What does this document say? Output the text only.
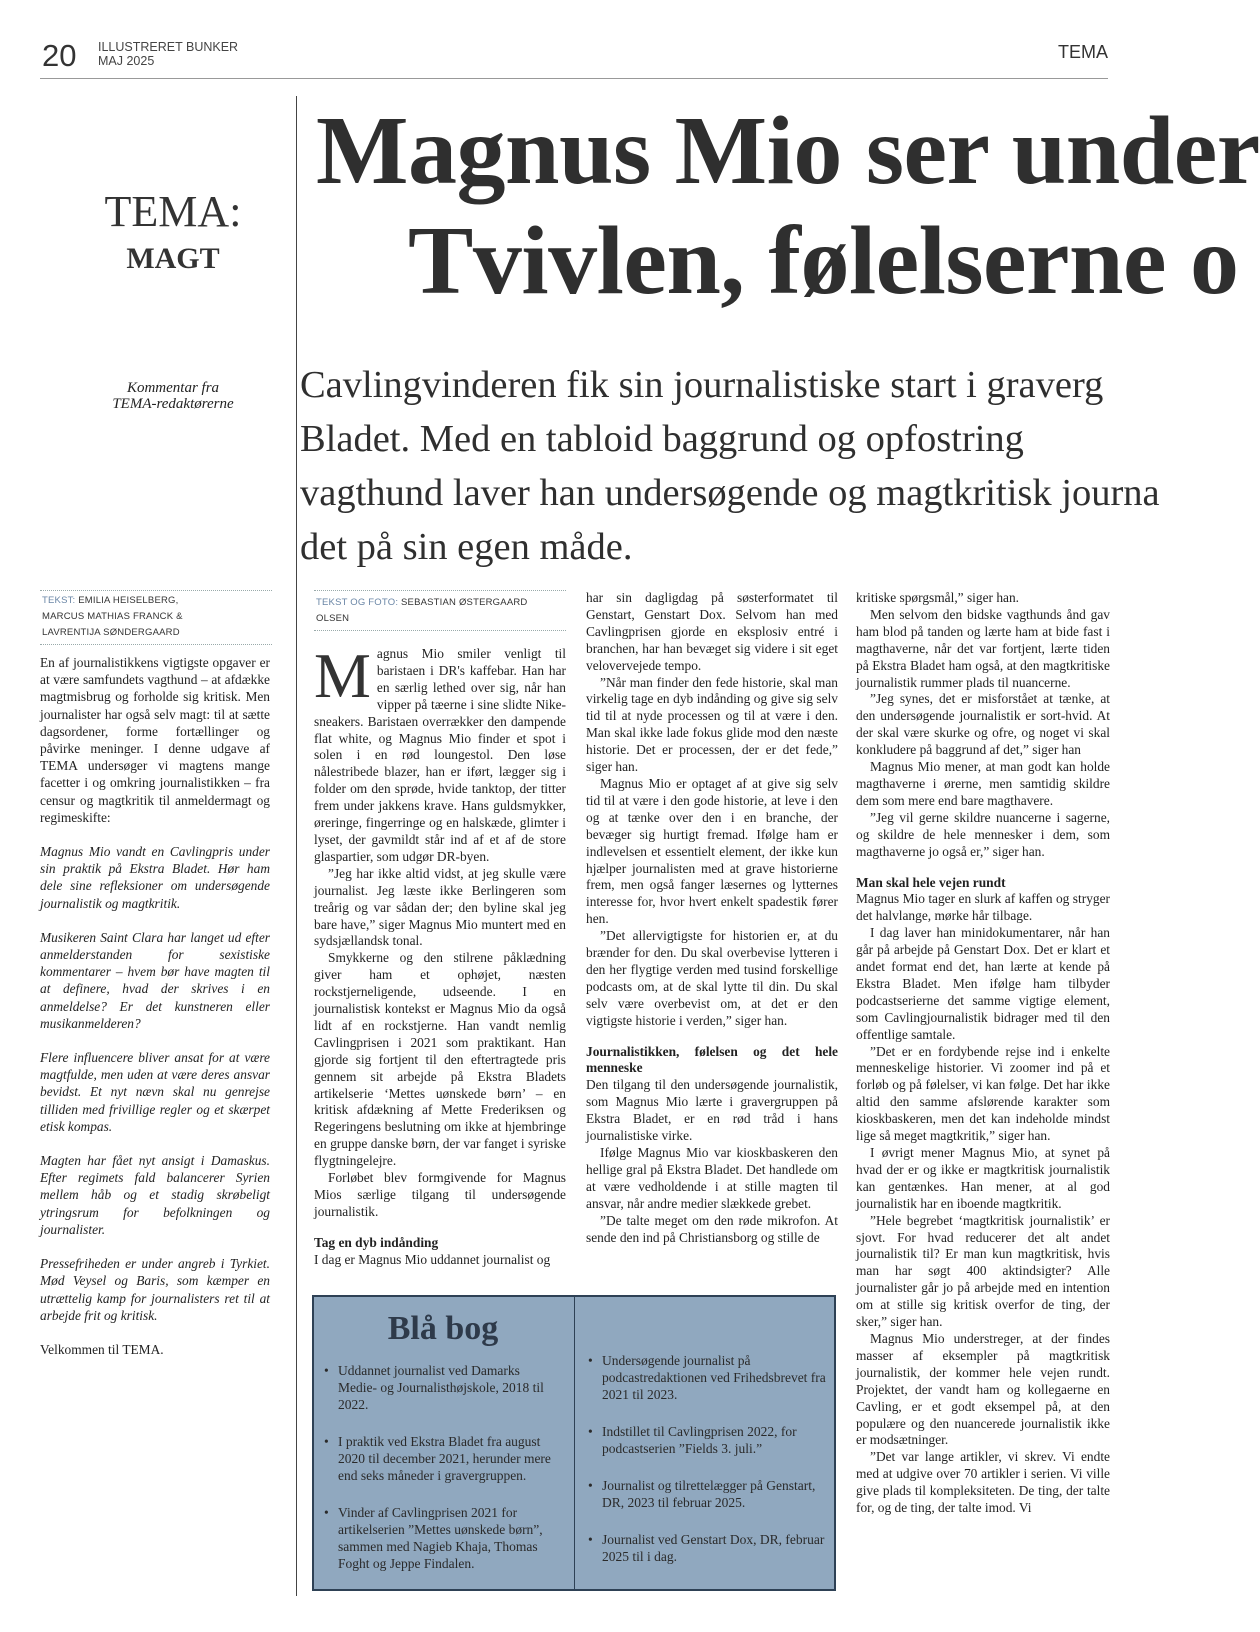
20 ILLUSTRERET BUNKER
MAJ 2025	TEMA
TEMA:
MAGT
Kommentar fra
TEMA-redaktørerne
TEKST: EMILIA HEISELBERG,
MARCUS MATHIAS FRANCK &
LAVRENTIJA SØNDERGAARD

En af journalistikkens vigtigste opgaver er at være samfundets vagthund – at afdække magtmisbrug og forholde sig kritisk. Men journalister har også selv magt: til at sætte dagsordener, forme fortællinger og påvirke meninger. I denne udgave af TEMA undersøger vi magtens mange facetter i og omkring journalistikken – fra censur og magtkritik til anmeldermagt og regimeskifte:

Magnus Mio vandt en Cavlingpris under sin praktik på Ekstra Bladet. Hør ham dele sine refleksioner om undersøgende journalistik og magtkritik.

Musikeren Saint Clara har langet ud efter anmelderstanden for sexistiske kommentarer – hvem bør have magten til at definere, hvad der skrives i en anmeldelse? Er det kunstneren eller musikanmelderen?

Flere influencere bliver ansat for at være magtfulde, men uden at være deres ansvar bevidst. Et nyt nævn skal nu genrejse tilliden med frivillige regler og et skærpet etisk kompas.

Magten har fået nyt ansigt i Damaskus. Efter regimets fald balancerer Syrien mellem håb og et stadig skrøbeligt ytringsrum for befolkningen og journalister.

Pressefriheden er under angreb i Tyrkiet. Mød Veysel og Baris, som kæmper en utrættelig kamp for journalisters ret til at arbejde frit og kritisk.

Velkommen til TEMA.

Magnus Mio ser under
Tvivlen, følelserne o
Cavlingvinderen fik sin journalistiske start i graverg
Bladet. Med en tabloid baggrund og opfostring
vagthund laver han undersøgende og magtkritisk journa
det på sin egen måde.
TEKST OG FOTO: SEBASTIAN ØSTERGAARD
OLSEN

Magnus Mio smiler venligt til baristaen i DR's kaffebar. Han har en særlig lethed over sig, når han vipper på tæerne i sine slidte Nike-sneakers. Baristaen overrækker den dampende flat white, og Magnus Mio finder et spot i solen i en rød loungestol. Den løse nålestribede blazer, han er iført, lægger sig i folder om den sprøde, hvide tanktop, der titter frem under jakkens krave. Hans guldsmykker, øreringe, fingerringe og en halskæde, glimter i lyset, der gavmildt står ind af et af de store glaspartier, som udgør DR-byen.

”Jeg har ikke altid vidst, at jeg skulle være journalist. Jeg læste ikke Berlingeren som treårig og var sådan der; den byline skal jeg bare have,” siger Magnus Mio muntert med en sydsjællandsk tonal.

Smykkerne og den stilrene påklædning giver ham et ophøjet, næsten rockstjerneligende, udseende. I en journalistisk kontekst er Magnus Mio da også lidt af en rockstjerne. Han vandt nemlig Cavlingprisen i 2021 som praktikant. Han gjorde sig fortjent til den eftertragtede pris gennem sit arbejde på Ekstra Bladets artikelserie ‘Mettes uønskede børn’ – en kritisk afdækning af Mette Frederiksen og Regeringens beslutning om ikke at hjembringe en gruppe danske børn, der var fanget i syriske flygtningelejre.

Forløbet blev formgivende for Magnus Mios særlige tilgang til undersøgende journalistik.

Tag en dyb indånding

I dag er Magnus Mio uddannet journalist og

har sin dagligdag på søsterformatet til Genstart, Genstart Dox. Selvom han med Cavlingprisen gjorde en eksplosiv entré i branchen, har han bevæget sig videre i sit eget velovervejede tempo.

”Når man finder den fede historie, skal man virkelig tage en dyb indånding og give sig selv tid til at nyde processen og til at være i den. Man skal ikke lade fokus glide mod den næste historie. Det er processen, der er det fede,” siger han.

Magnus Mio er optaget af at give sig selv tid til at være i den gode historie, at leve i den og at tænke over den i en branche, der bevæger sig hurtigt fremad. Ifølge ham er indlevelsen et essentielt element, der ikke kun hjælper journalisten med at grave historierne frem, men også fanger læsernes og lytternes interesse for, hvor hvert enkelt spadestik fører hen.

”Det allervigtigste for historien er, at du brænder for den. Du skal overbevise lytteren i den her flygtige verden med tusind forskellige podcasts om, at de skal lytte til din. Du skal selv være overbevist om, at det er den vigtigste historie i verden,” siger han.

Journalistikken, følelsen og det hele menneske

Den tilgang til den undersøgende journalistik, som Magnus Mio lærte i gravergruppen på Ekstra Bladet, er en rød tråd i hans journalistiske virke.

Ifølge Magnus Mio var kioskbaskeren den hellige gral på Ekstra Bladet. Det handlede om at være vedholdende i at stille magten til ansvar, når andre medier slækkede grebet.

”De talte meget om den røde mikrofon. At sende den ind på Christiansborg og stille de

kritiske spørgsmål,” siger han.

Men selvom den bidske vagthunds ånd gav ham blod på tanden og lærte ham at bide fast i magthaverne, når det var fortjent, lærte tiden på Ekstra Bladet ham også, at den magtkritiske journalistik rummer plads til nuancerne.

”Jeg synes, det er misforstået at tænke, at den undersøgende journalistik er sort-hvid. At der skal være skurke og ofre, og noget vi skal konkludere på baggrund af det,” siger han

Magnus Mio mener, at man godt kan holde magthaverne i ørerne, men samtidig skildre dem som mere end bare magthavere.

”Jeg vil gerne skildre nuancerne i sagerne, og skildre de hele mennesker i dem, som magthaverne jo også er,” siger han.

Man skal hele vejen rundt

Magnus Mio tager en slurk af kaffen og stryger det halvlange, mørke hår tilbage.

I dag laver han minidokumentarer, når han går på arbejde på Genstart Dox. Det er klart et andet format end det, han lærte at kende på Ekstra Bladet. Men ifølge ham tilbyder podcastserierne det samme vigtige element, som Cavlingjournalistik bidrager med til den offentlige samtale.

”Det er en fordybende rejse ind i enkelte menneskelige historier. Vi zoomer ind på et forløb og på følelser, vi kan følge. Det har ikke altid den samme afslørende karakter som kioskbaskeren, men det kan indeholde mindst lige så meget magtkritik,” siger han.

I øvrigt mener Magnus Mio, at synet på hvad der er og ikke er magtkritisk journalistik kan gentænkes. Han mener, at al god journalistik har en iboende magtkritik.

”Hele begrebet ‘magtkritisk journalistik’ er sjovt. For hvad reducerer det alt andet journalistik til? Er man kun magtkritisk, hvis man har søgt 400 aktindsigter? Alle journalister går jo på arbejde med en intention om at stille sig kritisk overfor de ting, der sker,” siger han.

Magnus Mio understreger, at der findes masser af eksempler på magtkritisk journalistik, der kommer hele vejen rundt. Projektet, der vandt ham og kollegaerne en Cavling, er et godt eksempel på, at den populære og den nuancerede journalistik ikke er modsætninger.

”Det var lange artikler, vi skrev. Vi endte med at udgive over 70 artikler i serien. Vi ville give plads til kompleksiteten. De ting, der talte for, og de ting, der talte imod. Vi

Blå bog
• Uddannet journalist ved Damarks Medie- og Journalisthøjskole, 2018 til 2022.
• I praktik ved Ekstra Bladet fra august 2020 til december 2021, herunder mere end seks måneder i gravergruppen.
• Vinder af Cavlingprisen 2021 for artikelserien ”Mettes uønskede børn”, sammen med Nagieb Khaja, Thomas Foght og Jeppe Findalen.
• Undersøgende journalist på podcastredaktionen ved Frihedsbrevet fra 2021 til 2023.
• Indstillet til Cavlingprisen 2022, for podcastserien ”Fields 3. juli.”
• Journalist og tilrettelægger på Genstart, DR, 2023 til februar 2025.
• Journalist ved Genstart Dox, DR, februar 2025 til i dag.
